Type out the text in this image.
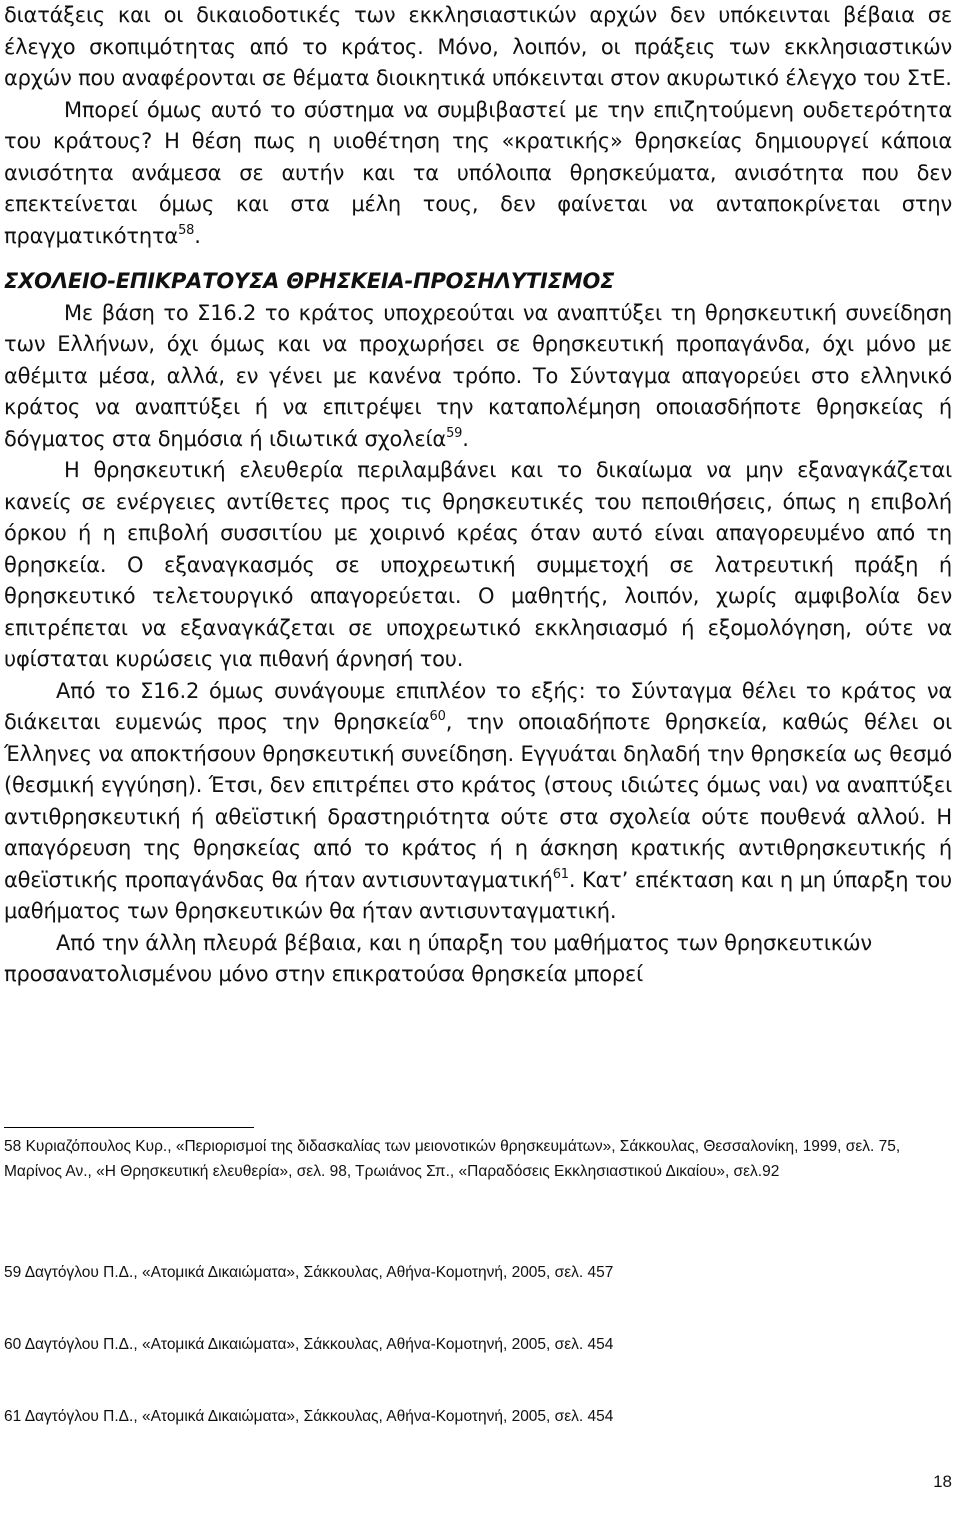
διατάξεις και οι δικαιοδοτικές των εκκλησιαστικών αρχών δεν υπόκεινται βέβαια σε έλεγχο σκοπιμότητας από το κράτος. Μόνο, λοιπόν, οι πράξεις των εκκλησιαστικών αρχών που αναφέρονται σε θέματα διοικητικά υπόκεινται στον ακυρωτικό έλεγχο του ΣτΕ.

Μπορεί όμως αυτό το σύστημα να συμβιβαστεί με την επιζητούμενη ουδετερότητα του κράτους? Η θέση πως η υιοθέτηση της «κρατικής» θρησκείας δημιουργεί κάποια ανισότητα ανάμεσα σε αυτήν και τα υπόλοιπα θρησκεύματα, ανισότητα που δεν επεκτείνεται όμως και στα μέλη τους, δεν φαίνεται να ανταποκρίνεται στην πραγματικότητα$^{58}$.

ΣΧΟΛΕΙΟ-ΕΠΙΚΡΑΤΟΥΣΑ ΘΡΗΣΚΕΙΑ-ΠΡΟΣΗΛΥΤΙΣΜΟΣ

Με βάση το Σ16.2 το κράτος υποχρεούται να αναπτύξει τη θρησκευτική συνείδηση των Ελλήνων, όχι όμως και να προχωρήσει σε θρησκευτική προπαγάνδα, όχι μόνο με αθέμιτα μέσα, αλλά, εν γένει με κανένα τρόπο. Το Σύνταγμα απαγορεύει στο ελληνικό κράτος να αναπτύξει ή να επιτρέψει την καταπολέμηση οποιασδήποτε θρησκείας ή δόγματος στα δημόσια ή ιδιωτικά σχολεία$^{59}$.

Η θρησκευτική ελευθερία περιλαμβάνει και το δικαίωμα να μην εξαναγκάζεται κανείς σε ενέργειες αντίθετες προς τις θρησκευτικές του πεποιθήσεις, όπως η επιβολή όρκου ή η επιβολή συσσιτίου με χοιρινό κρέας όταν αυτό είναι απαγορευμένο από τη θρησκεία. Ο εξαναγκασμός σε υποχρεωτική συμμετοχή σε λατρευτική πράξη ή θρησκευτικό τελετουργικό απαγορεύεται. Ο μαθητής, λοιπόν, χωρίς αμφιβολία δεν επιτρέπεται να εξαναγκάζεται σε υποχρεωτικό εκκλησιασμό ή εξομολόγηση, ούτε να υφίσταται κυρώσεις για πιθανή άρνησή του.

Από το Σ16.2 όμως συνάγουμε επιπλέον το εξής: το Σύνταγμα θέλει το κράτος να διάκειται ευμενώς προς την θρησκεία$^{60}$, την οποιαδήποτε θρησκεία, καθώς θέλει οι Έλληνες να αποκτήσουν θρησκευτική συνείδηση. Εγγυάται δηλαδή την θρησκεία ως θεσμό (θεσμική εγγύηση). Έτσι, δεν επιτρέπει στο κράτος (στους ιδιώτες όμως ναι) να αναπτύξει αντιθρησκευτική ή αθεϊστική δραστηριότητα ούτε στα σχολεία ούτε πουθενά αλλού. Η απαγόρευση της θρησκείας από το κράτος ή η άσκηση κρατικής αντιθρησκευτικής ή αθεϊστικής προπαγάνδας θα ήταν αντισυνταγματική$^{61}$. Κατ’ επέκταση και η μη ύπαρξη του μαθήματος των θρησκευτικών θα ήταν αντισυνταγματική.

Από την άλλη πλευρά βέβαια, και η ύπαρξη του μαθήματος των θρησκευτικών προσανατολισμένου μόνο στην επικρατούσα θρησκεία μπορεί

58 Κυριαζόπουλος Κυρ., «Περιορισμοί της διδασκαλίας των μειονοτικών θρησκευμάτων», Σάκκουλας, Θεσσαλονίκη, 1999, σελ. 75, Μαρίνος Αν., «Η Θρησκευτική ελευθερία», σελ. 98, Τρωιάνος Σπ., «Παραδόσεις Εκκλησιαστικού Δικαίου», σελ.92
59 Δαγτόγλου Π.Δ., «Ατομικά Δικαιώματα», Σάκκουλας, Αθήνα-Κομοτηνή, 2005, σελ. 457
60 Δαγτόγλου Π.Δ., «Ατομικά Δικαιώματα», Σάκκουλας, Αθήνα-Κομοτηνή, 2005, σελ. 454
61 Δαγτόγλου Π.Δ., «Ατομικά Δικαιώματα», Σάκκουλας, Αθήνα-Κομοτηνή, 2005, σελ. 454
18
